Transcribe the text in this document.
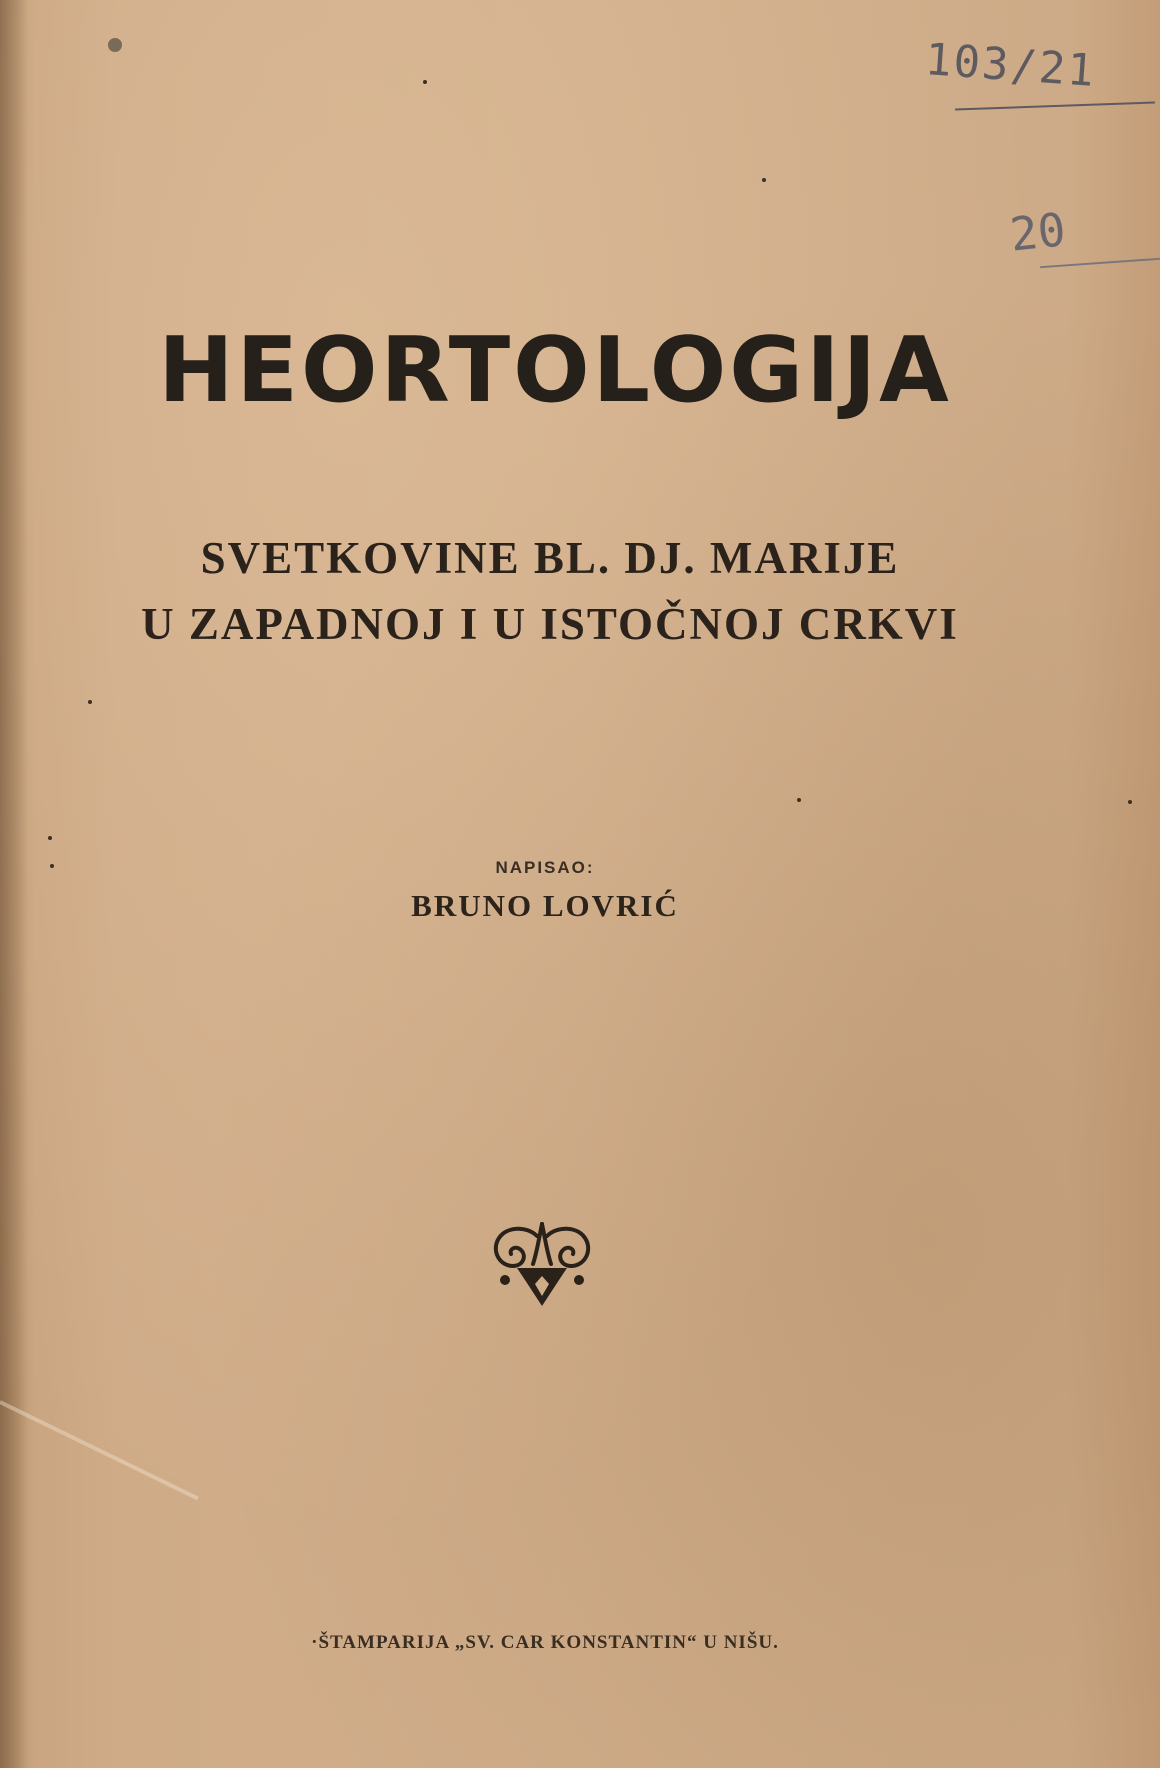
103/21
20
HEORTOLOGIJA
SVETKOVINE BL. DJ. MARIJE
U ZAPADNOJ I U ISTOČNOJ CRKVI
NAPISAO:
BRUNO LOVRIĆ
·ŠTAMPARIJA „SV. CAR KONSTANTIN“ U NIŠU.
